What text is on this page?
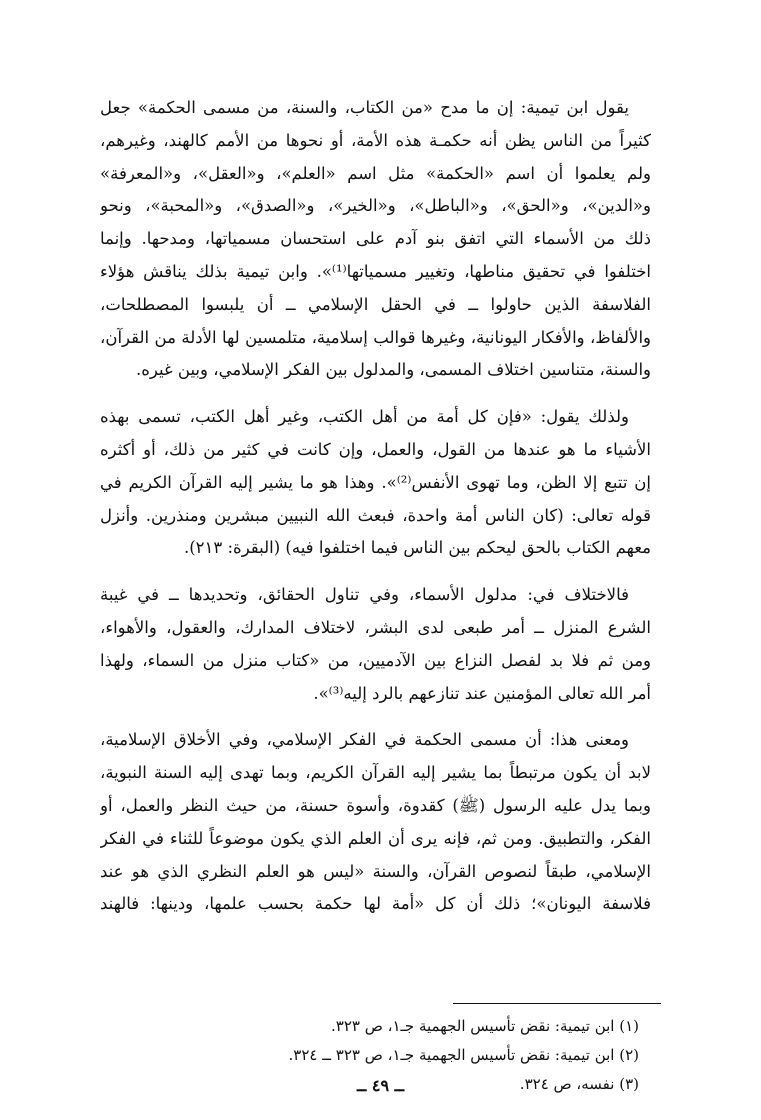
يقول ابن تيمية: إن ما مدح «من الكتاب، والسنة، من مسمى الحكمة» جعل
كثيراً من الناس يظن أنه حكمـة هذه الأمة، أو نحوها من الأمم كالهند، وغيرهم،
ولم يعلموا أن اسم «الحكمة» مثل اسم «العلم»، و«العقل»، و«المعرفة»
و«الدين»، و«الحق»، و«الباطل»، و«الخير»، و«الصدق»، و«المحبة»، ونحو
ذلك من الأسماء التي اتفق بنو آدم على استحسان مسمياتها، ومدحها. وإنما
اختلفوا في تحقيق مناطها، وتغيير مسمياتها⁽¹⁾». وابن تيمية بذلك يناقش هؤلاء
الفلاسفة الذين حاولوا ــ في الحقل الإسلامي ــ أن يلبسوا المصطلحات،
والألفاظ، والأفكار اليونانية، وغيرها قوالب إسلامية، متلمسين لها الأدلة من القرآن،
والسنة، متناسين اختلاف المسمى، والمدلول بين الفكر الإسلامي، وبين غيره.
ولذلك يقول: «فإن كل أمة من أهل الكتب، وغير أهل الكتب، تسمى بهذه
الأشياء ما هو عندها من القول، والعمل، وإن كانت في كثير من ذلك، أو أكثره
إن تتبع إلا الظن، وما تهوى الأنفس⁽²⁾». وهذا هو ما يشير إليه القرآن الكريم في
قوله تعالى: (كان الناس أمة واحدة، فبعث الله النبيين مبشرين ومنذرين. وأنزل
معهم الكتاب بالحق ليحكم بين الناس فيما اختلفوا فيه) (البقرة: ٢١٣).
فالاختلاف في: مدلول الأسماء، وفي تناول الحقائق، وتحديدها ــ في غيبة
الشرع المنزل ــ أمر طبعى لدى البشر، لاختلاف المدارك، والعقول، والأهواء،
ومن ثم فلا بد لفصل النزاع بين الآدميين، من «كتاب منزل من السماء، ولهذا
أمر الله تعالى المؤمنين عند تنازعهم بالرد إليه⁽³⁾».
ومعنى هذا: أن مسمى الحكمة في الفكر الإسلامي، وفي الأخلاق الإسلامية،
لابد أن يكون مرتبطاً بما يشير إليه القرآن الكريم، وبما تهدى إليه السنة النبوية،
وبما يدل عليه الرسول (ﷺ) كقدوة، وأسوة حسنة، من حيث النظر والعمل، أو
الفكر، والتطبيق. ومن ثم، فإنه يرى أن العلم الذي يكون موضوعاً للثناء في الفكر
الإسلامي، طبقاً لنصوص القرآن، والسنة «ليس هو العلم النظري الذي هو عند
فلاسفة اليونان»؛ ذلك أن كل «أمة لها حكمة بحسب علمها، ودينها: فالهند
(١) ابن تيمية: نقض تأسيس الجهمية جـ١، ص ٣٢٣.
(٢) ابن تيمية: نقض تأسيس الجهمية جـ١، ص ٣٢٣ ــ ٣٢٤.
(٣) نفسه، ص ٣٢٤.
ــ ٤٩ ــ
